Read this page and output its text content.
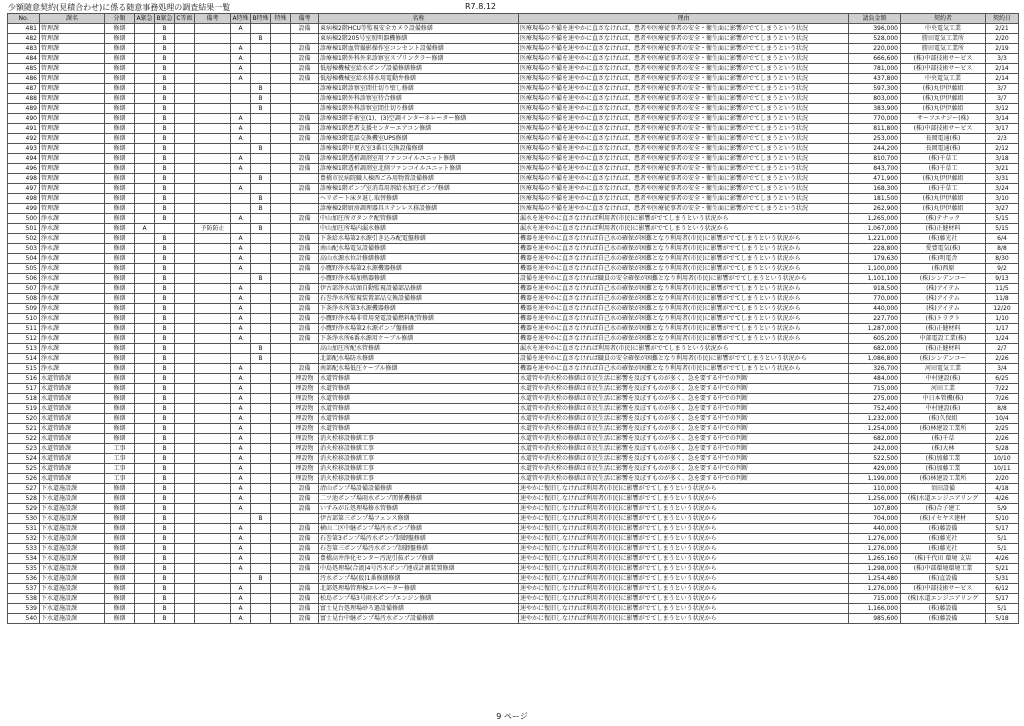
少額随意契約(見積合わせ)に係る随意事務処理の調査結果一覧	R7.8.12
No.	課名	分類	A緊急	B緊急	C等級	備考	A特殊	B特殊	特殊	備考	名称	理由	請負金額	契約者	契約日
481	管理課	修繕		B			A			設備	東病棟2階HCU等監視安全カメラ設備修繕	医療現場の不備を速やかに直さなければ、患者や医療従事者の安全・衛生面に影響がでてしまうという状況	396,000	中央電気工業	2/21
482	管理課	修繕		B				B			東病棟2階205号室照明器機修繕	医療現場の不備を速やかに直さなければ、患者や医療従事者の安全・衛生面に影響がでてしまうという状況	528,000	勝田電気工業所	2/20
483	管理課	修繕		B			A			設備	診療棟1階血管撮影操作室コンセント設備修繕	医療現場の不備を速やかに直さなければ、患者や医療従事者の安全・衛生面に影響がでてしまうという状況	220,000	勝田電気工業所	2/19
484	管理課	修繕		B			A			設備	診療棟1階外科外来診察室スプリンクラー修繕	医療現場の不備を速やかに直さなければ、患者や医療従事者の安全・衛生面に影響がでてしまうという状況	666,600	(株)中部技術サービス	3/3
485	管理課	修繕		B			A			設備	低層棟機械室給水ポンプ設備修繕修繕	医療現場の不備を速やかに直さなければ、患者や医療従事者の安全・衛生面に影響がでてしまうという状況	781,000	(株)中部技術サービス	2/14
486	管理課	修繕		B			A			設備	低層棟機械室給水排水用電動弁修繕	医療現場の不備を速やかに直さなければ、患者や医療従事者の安全・衛生面に影響がでてしまうという状況	437,800	中央電気工業	2/14
487	管理課	修繕		B				B			診療棟1階診察室間仕切り壁し修繕	医療現場の不備を速やかに直さなければ、患者や医療従事者の安全・衛生面に影響がでてしまうという状況	597,300	(株)丸伊伊藤組	3/7
488	管理課	修繕		B				B			診療棟1階外科診察室待合修繕	医療現場の不備を速やかに直さなければ、患者や医療従事者の安全・衛生面に影響がでてしまうという状況	803,000	(株)丸伊伊藤組	3/7
489	管理課	修繕		B				B			診療棟1階外科診察室間仕切り修繕	医療現場の不備を速やかに直さなければ、患者や医療従事者の安全・衛生面に影響がでてしまうという状況	383,900	(株)丸伊伊藤組	3/12
490	管理課	修繕		B			A			設備	診療棟3階手術室(1)、(3)空調インターネレーター修繕	医療現場の不備を速やかに直さなければ、患者や医療従事者の安全・衛生面に影響がでてしまうという状況	770,000	サーフエナジー(株)	3/14
491	管理課	修繕		B			A			設備	診療棟1階患者支援センターエアコン修繕	医療現場の不備を速やかに直さなければ、患者や医療従事者の安全・衛生面に影響がでてしまうという状況	811,800	(株)中部技術サービス	3/17
492	管理課	修繕		B			A			設備	診療棟3階電話交換機室UPS修繕	医療現場の不備を速やかに直さなければ、患者や医療従事者の安全・衛生面に影響がでてしまうという状況	253,000	長岡電通(株)	2/3
493	管理課	修繕		B				B			診療棟1階中更衣室3番目交換設備修繕	医療現場の不備を速やかに直さなければ、患者や医療従事者の安全・衛生面に影響がでてしまうという状況	244,200	長岡電通(株)	2/12
494	管理課	修繕		B			A			設備	診療棟1階透析調剤室用ファンコイルユニット修繕	医療現場の不備を速やかに直さなければ、患者や医療従事者の安全・衛生面に影響がでてしまうという状況	810,700	(株)千草工	3/18
496	管理課	修繕		B			A			設備	診療棟1階透析調剤室北側ファンコイルユニット修繕	医療現場の不備を速やかに直さなければ、患者や医療従事者の安全・衛生面に影響がでてしまうという状況	843,700	(株)千草工	3/21
498	管理課	修繕		B				B			豊橋市民病院職人棟西ごみ用物置設備修繕	医療現場の不備を速やかに直さなければ、患者や医療従事者の安全・衛生面に影響がでてしまうという状況	471,900	(株)丸伊伊藤組	3/31
497	管理課	修繕		B			A			設備	診療棟1階ポンプ室消毒用剤給水加圧ポンプ修繕	医療現場の不備を速やかに直さなければ、患者や医療従事者の安全・衛生面に影響がでてしまうという状況	168,300	(株)千草工	3/24
498	管理課	修繕		B				B			ヘリポート床タ退し取替修繕	医療現場の不備を速やかに直さなければ、患者や医療従事者の安全・衛生面に影響がでてしまうという状況	181,500	(株)丸伊伊藤組	3/10
499	管理課	修繕		B				B			診療棟2階厨房調理器具ステンレス移設修繕	医療現場の不備を速やかに直さなければ、患者や医療従事者の安全・衛生面に影響がでてしまうという状況	262,900	(株)丸伊伊藤組	3/27
500	浄水課	修繕		B			A			設備	中山加圧所ガタンク配管修繕	漏水を速やかに直さなければ利用者(市民)に影響がでてしまうという状況から	1,265,000	(株)テナック	5/15
501	浄水課	修繕	A			予防防止		B			中山加圧所場内漏水修繕	漏水を速やかに直さなければ利用者(市民)に影響がでてしまうという状況から	1,067,000	(株)正健材料	5/15
502	浄水課	修繕		B			A			設備	下条給水場第2水源引き込み配電盤修繕	機器を速やかに直さなければ自己水の確保が困難となり利用者(市民)に影響がでてしまうという状況から	1,221,000	(株)藤光社	6/4
503	浄水課	修繕		B			A			設備	南山配水場電気設備修繕	機器を速やかに直さなければ自己水の確保が困難となり利用者(市民)に影響がでてしまうという状況から	228,800	愛豊電気(株)	8/8
504	浄水課	修繕		B			A			設備	高山水源水位計修繕修繕	機器を速やかに直さなければ自己水の確保が困難となり利用者(市民)に影響がでてしまうという状況から	179,630	(株)明電舎	8/30
505	浄水課	修繕		B			A			設備	小鷹野浄水場第2水源機器修繕	機器を速やかに直さなければ自己水の確保が困難となり利用者(市民)に影響がでてしまうという状況から	1,100,000	(株)西原	9/2
506	浄水課	修繕		B				B			小鷹野浄水場加熱器修繕	設備を速やかに直さなければ職員の安全確保が困難となり利用者(市民)に影響がでてしまうという状況から	1,101,100	(株)シンデンコー	9/13
507	浄水課	修繕		B			A			設備	伊古部浄水店頭自動監視設備部品修繕	機器を速やかに直さなければ自己水の確保が困難となり利用者(市民)に影響がでてしまうという状況から	918,500	(株)アイテム	11/5
508	浄水課	修繕		B			A			設備	石巻浄水所監視装置部品交換設備修繕	機器を速やかに直さなければ自己水の確保が困難となり利用者(市民)に影響がでてしまうという状況から	770,000	(株)アイテム	11/8
509	浄水課	修繕		B			A			設備	下条浄水所第3水源機器修繕	機器を速やかに直さなければ自己水の確保が困難となり利用者(市民)に影響がでてしまうという状況から	440,000	(株)アイテム	12/20
510	浄水課	修繕		B			A			設備	小鷹野浄水場非常用発電設備燃料配管修繕	機器を速やかに直さなければ自己水の確保が困難となり利用者(市民)に影響がでてしまうという状況から	227,700	(株)トラクト	1/10
511	浄水課	修繕		B			A			設備	小鷹野浄水場第2水源ポンプ盤修繕	機器を速やかに直さなければ自己水の確保が困難となり利用者(市民)に影響がでてしまうという状況から	1,287,000	(株)正健材料	1/17
512	浄水課	修繕		B			A			設備	下条浄水所6番水源用ケーブル修繕	機器を速やかに直さなければ自己水の確保が困難となり利用者(市民)に影響がでてしまうという状況から	605,200	中部電設工業(株)	1/24
513	浄水課	修繕		B				B			高山加圧所配水管修繕	漏水を速やかに直さなければ利用者(市民)に影響がでてしまうという状況から	682,000	(株)正健材料	2/7
514	浄水課	修繕		B				B			北部配水場防水修繕	設備を速やかに直さなければ職員の安全確保が困難となり利用者(市民)に影響がでてしまうという状況から	1,086,800	(株)シンデンコー	2/26
515	浄水課	修繕		B			A			設備	南部配水場低圧ケーブル修繕	機器を速やかに直さなければ自己水の確保が困難となり利用者(市民)に影響がでてしまうという状況から	326,700	河田電気工業	3/4
516	水道管路課	修繕		B			A			埋設物	水道管修繕	水道管や消火栓の修繕は市民生活に影響を及ぼすものが多く、急を要する中での判断	484,000	中村建設(株)	6/25
517	水道管路課	修繕		B			A			埋設物	水道管修繕	水道管や消火栓の修繕は市民生活に影響を及ぼすものが多く、急を要する中での判断	715,000	河田工業	7/22
518	水道管路課	修繕		B			A			埋設物	水道管修繕	水道管や消火栓の修繕は市民生活に影響を及ぼすものが多く、急を要する中での判断	275,000	中日本管機(株)	7/26
519	水道管路課	修繕		B			A			埋設物	水道管修繕	水道管や消火栓の修繕は市民生活に影響を及ぼすものが多く、急を要する中での判断	752,400	中村建設(株)	8/8
520	水道管路課	修繕		B			A			埋設物	水道管修繕	水道管や消火栓の修繕は市民生活に影響を及ぼすものが多く、急を要する中での判断	1,232,000	(株)久保組	10/4
521	水道管路課	修繕		B			A			埋設物	水道管修繕	水道管や消火栓の修繕は市民生活に影響を及ぼすものが多く、急を要する中での判断	1,254,000	(株)林建設工業所	2/25
522	水道管路課	修繕		B			A			埋設物	消火栓移設修繕工事	水道管や消火栓の修繕は市民生活に影響を及ぼすものが多く、急を要する中での判断	682,000	(株)千草	2/26
523	水道管路課	工事		B			A			埋設物	消火栓移設修繕工事	水道管や消火栓の修繕は市民生活に影響を及ぼすものが多く、急を要する中での判断	242,000	(株)大林	5/28
524	水道管路課	工事		B			A			埋設物	消火栓移設修繕工事	水道管や消火栓の修繕は市民生活に影響を及ぼすものが多く、急を要する中での判断	522,500	(株)加藤工業	10/10
525	水道管路課	工事		B			A			埋設物	消火栓移設修繕工事	水道管や消火栓の修繕は市民生活に影響を及ぼすものが多く、急を要する中での判断	429,000	(株)加藤工業	10/11
526	水道管路課	工事		B			A			埋設物	消火栓移設修繕工事	水道管や消火栓の修繕は市民生活に影響を及ぼすものが多く、急を要する中での判断	1,199,000	(株)林建設工業所	2/20
527	下水道施設課	修繕		B			A			設備	清山ポンプ場設備設備修繕	速やかに復旧しなければ利用者(市民)に影響がでてしまうという状況から	110,000	須田設備	4/18
528	下水道施設課	修繕		B			A			設備	二ツ池ポンプ場雨水ポンプ関係機修繕	速やかに復旧しなければ利用者(市民)に影響がでてしまうという状況から	1,256,000	(株)水道エンジニアリング	4/26
529	下水道施設課	修繕		B			A			設備	いずみが丘処理場修水管修繕	速やかに復旧しなければ利用者(市民)に影響がでてしまうという状況から	107,800	(株)合子建工	5/9
530	下水道施設課	修繕		B				B			伊古部第三ポンプ場フェンス修繕	速やかに復旧しなければ利用者(市民)に影響がでてしまうという状況から	704,000	(株)イセヤス建材	5/10
531	下水道施設課	修繕		B			A			設備	横山二区中継ポンプ場汚水ポンプ修繕	速やかに復旧しなければ利用者(市民)に影響がでてしまうという状況から	440,000	(株)藤設備	5/17
532	下水道施設課	修繕		B			A			設備	石巻第3ポンプ場汚水ポンプ制御盤修繕	速やかに復旧しなければ利用者(市民)に影響がでてしまうという状況から	1,276,000	(株)藤光社	5/1
533	下水道施設課	修繕		B			A			設備	石巻第三ポンプ場汚水ポンプ制御盤修繕	速やかに復旧しなければ利用者(市民)に影響がでてしまうという状況から	1,276,000	(株)藤光社	5/1
534	下水道施設課	修繕		B			A			設備	豊橋高井浄化センター汚泥引抜ポンプ修繕	速やかに復旧しなければ利用者(市民)に影響がでてしまうという状況から	1,265,160	(株)千代田 環境 支店	4/26
535	下水道施設課	修繕		B			A			設備	中島処理場(合流)4号汚水ポンプ連成計測装置修繕	速やかに復旧しなければ利用者(市民)に影響がでてしまうという状況から	1,298,000	(株)中部環境環境工業	5/21
536	下水道施設課	修繕		B				B			汚水ポンプ場(仮)1番修繕修繕	速やかに復旧しなければ利用者(市民)に影響がでてしまうという状況から	1,254,480	(株)直設備	5/31
537	下水道施設課	修繕		B			A			設備	北部処理場管理棟エレベーター修繕	速やかに復旧しなければ利用者(市民)に影響がでてしまうという状況から	1,276,000	(株)中部技術サービス	6/12
538	下水道施設課	修繕		B			A			設備	松島ポンプ場3号雨水ポンプエンジン修繕	速やかに復旧しなければ利用者(市民)に影響がでてしまうという状況から	715,000	(株)水道エンジニアリング	5/17
539	下水道施設課	修繕		B			A			設備	富士見台処理場砂ろ過設備修繕	速やかに復旧しなければ利用者(市民)に影響がでてしまうという状況から	1,166,000	(株)藤設備	5/1
540	下水道施設課	修繕		B			A			設備	富士見台中継ポンプ場汚水ポンプ設備修繕	速やかに復旧しなければ利用者(市民)に影響がでてしまうという状況から	985,600	(株)藤設備	5/18
9 ページ
